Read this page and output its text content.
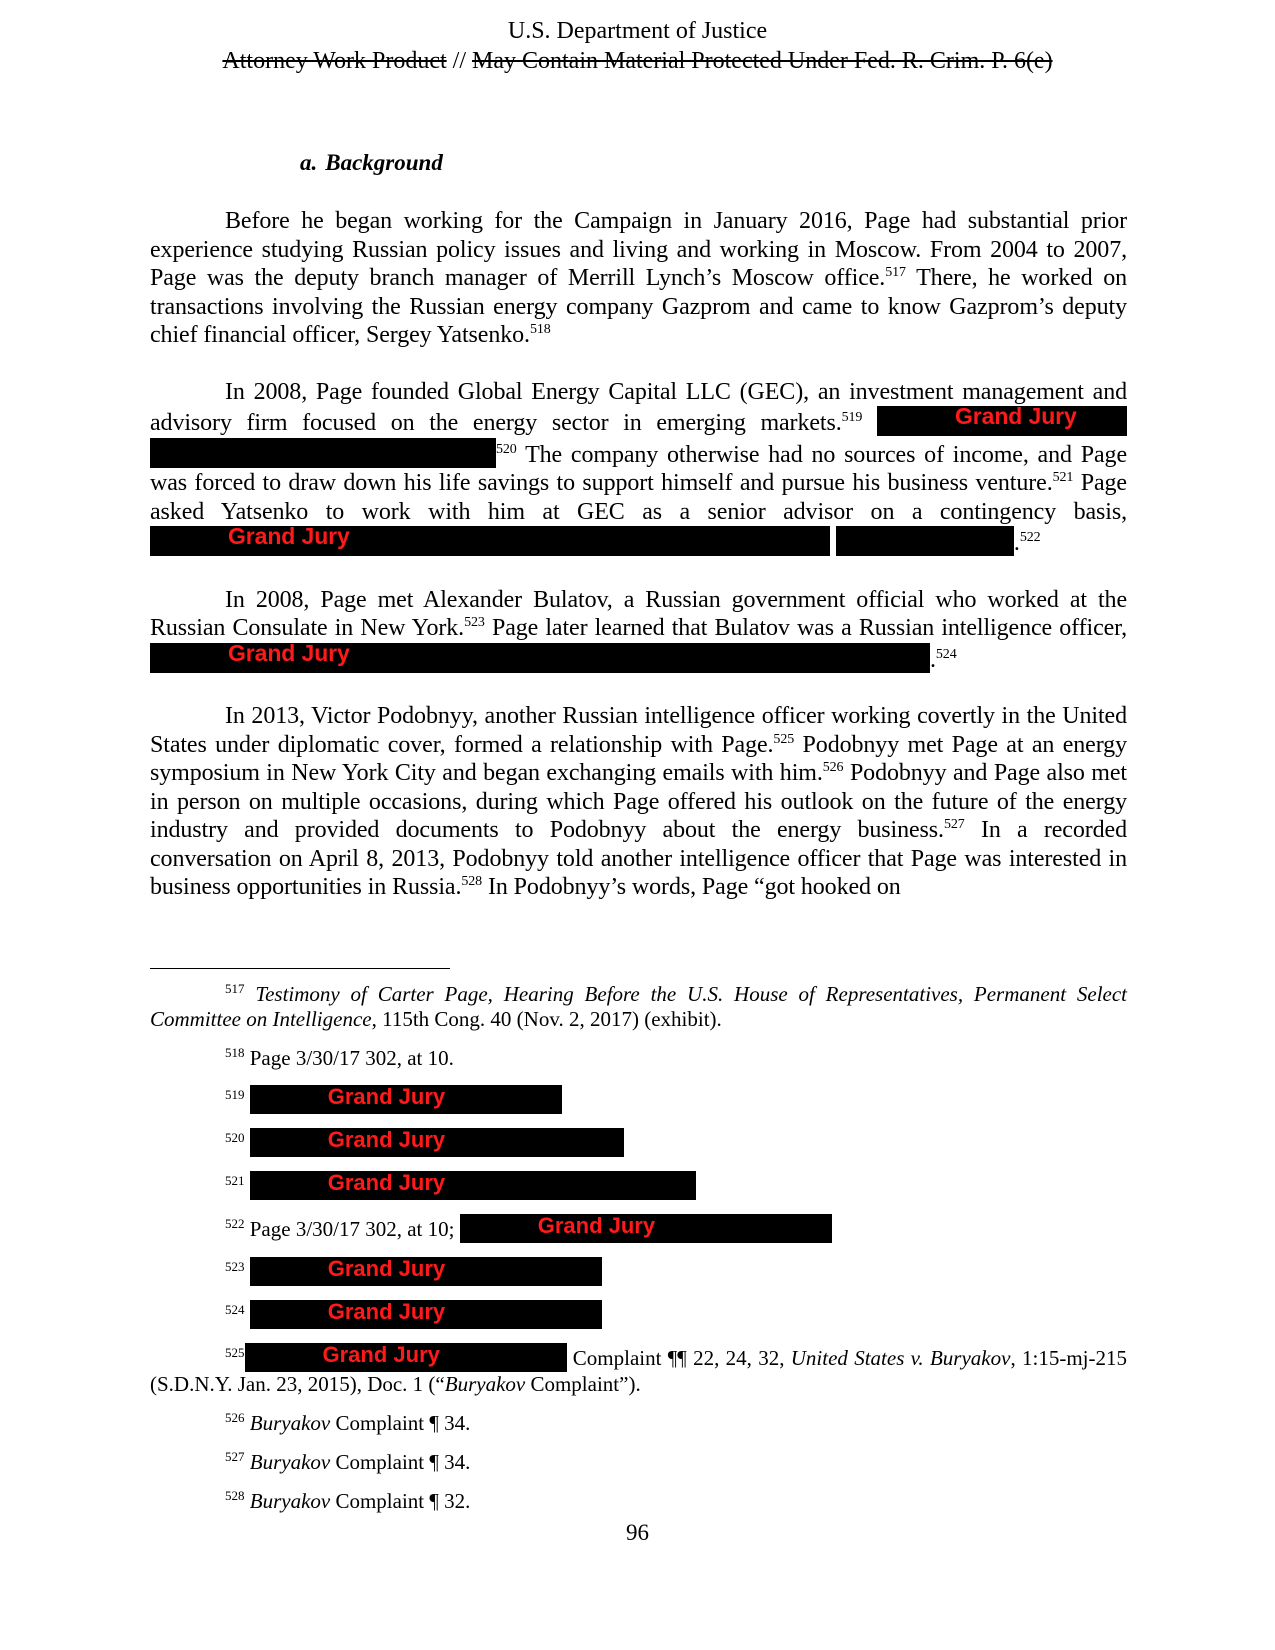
U.S. Department of Justice
Attorney Work Product // May Contain Material Protected Under Fed. R. Crim. P. 6(e)
a. Background

Before he began working for the Campaign in January 2016, Page had substantial prior experience studying Russian policy issues and living and working in Moscow. From 2004 to 2007, Page was the deputy branch manager of Merrill Lynch’s Moscow office.$^{517}$ There, he worked on transactions involving the Russian energy company Gazprom and came to know Gazprom’s deputy chief financial officer, Sergey Yatsenko.$^{518}$

In 2008, Page founded Global Energy Capital LLC (GEC), an investment management and advisory firm focused on the energy sector in emerging markets.$^{519}$	Grand Jury
$^{520}$ The company otherwise had no sources of income, and Page was forced to draw down his life savings to support himself and pursue his business venture.$^{521}$ Page asked Yatsenko to work with him at GEC as a senior advisor on a contingency basis,
Grand Jury	.$^{522}$

In 2008, Page met Alexander Bulatov, a Russian government official who worked at the Russian Consulate in New York.$^{523}$ Page later learned that Bulatov was a Russian intelligence officer,
Grand Jury	.$^{524}$

In 2013, Victor Podobnyy, another Russian intelligence officer working covertly in the United States under diplomatic cover, formed a relationship with Page.$^{525}$ Podobnyy met Page at an energy symposium in New York City and began exchanging emails with him.$^{526}$ Podobnyy and Page also met in person on multiple occasions, during which Page offered his outlook on the future of the energy industry and provided documents to Podobnyy about the energy business.$^{527}$ In a recorded conversation on April 8, 2013, Podobnyy told another intelligence officer that Page was interested in business opportunities in Russia.$^{528}$ In Podobnyy’s words, Page “got hooked on

$^{517}$ Testimony of Carter Page, Hearing Before the U.S. House of Representatives, Permanent Select Committee on Intelligence, 115th Cong. 40 (Nov. 2, 2017) (exhibit).

$^{518}$ Page 3/30/17 302, at 10.

$^{519}$	Grand Jury

$^{520}$	Grand Jury

$^{521}$	Grand Jury

$^{522}$ Page 3/30/17 302, at 10;	Grand Jury

$^{523}$	Grand Jury

$^{524}$	Grand Jury

$^{525}$	Grand Jury	Complaint ¶¶ 22, 24, 32, United States v. Buryakov, 1:15-mj-215 (S.D.N.Y. Jan. 23, 2015), Doc. 1 (“Buryakov Complaint”).

$^{526}$ Buryakov Complaint ¶ 34.

$^{527}$ Buryakov Complaint ¶ 34.

$^{528}$ Buryakov Complaint ¶ 32.

96
